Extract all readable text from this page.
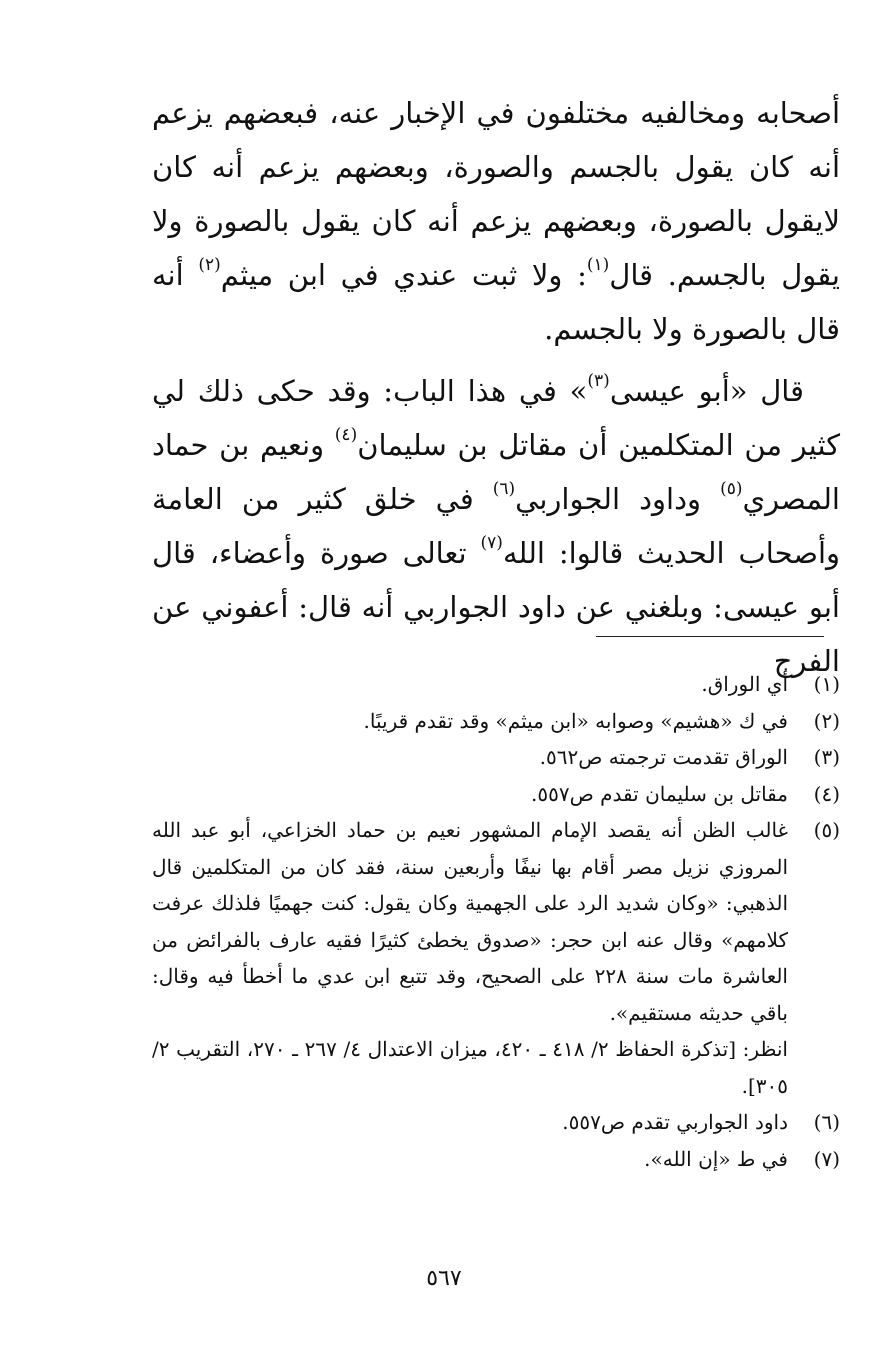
أصحابه ومخالفيه مختلفون في الإخبار عنه، فبعضهم يزعم أنه كان يقول بالجسم والصورة، وبعضهم يزعم أنه كان لايقول بالصورة، وبعضهم يزعم أنه كان يقول بالصورة ولا يقول بالجسم. قال$^{(١)}$: ولا ثبت عندي في ابن ميثم$^{(٢)}$ أنه قال بالصورة ولا بالجسم.

قال «أبو عيسى$^{(٣)}$» في هذا الباب: وقد حكى ذلك لي كثير من المتكلمين أن مقاتل بن سليمان$^{(٤)}$ ونعيم بن حماد المصري$^{(٥)}$ وداود الجواربي$^{(٦)}$ في خلق كثير من العامة وأصحاب الحديث قالوا: الله$^{(٧)}$ تعالى صورة وأعضاء، قال أبو عيسى: وبلغني عن داود الجواربي أنه قال: أعفوني عن الفرج

(١)
أي الوراق.
(٢)
في ك «هشيم» وصوابه «ابن ميثم» وقد تقدم قريبًا.
(٣)
الوراق تقدمت ترجمته ص٥٦٢.
(٤)
مقاتل بن سليمان تقدم ص٥٥٧.
(٥)
غالب الظن أنه يقصد الإمام المشهور نعيم بن حماد الخزاعي، أبو عبد الله المروزي نزيل مصر أقام بها نيفًا وأربعين سنة، فقد كان من المتكلمين قال الذهبي: «وكان شديد الرد على الجهمية وكان يقول: كنت جهميًا فلذلك عرفت كلامهم» وقال عنه ابن حجر: «صدوق يخطئ كثيرًا فقيه عارف بالفرائض من العاشرة مات سنة ٢٢٨ على الصحيح، وقد تتبع ابن عدي ما أخطأ فيه وقال: باقي حديثه مستقيم».
انظر: [تذكرة الحفاظ ٢/ ٤١٨ ـ ٤٢٠، ميزان الاعتدال ٤/ ٢٦٧ ـ ٢٧٠، التقريب ٢/ ٣٠٥].
(٦)
داود الجواربي تقدم ص٥٥٧.
(٧)
في ط «إن الله».
٥٦٧
